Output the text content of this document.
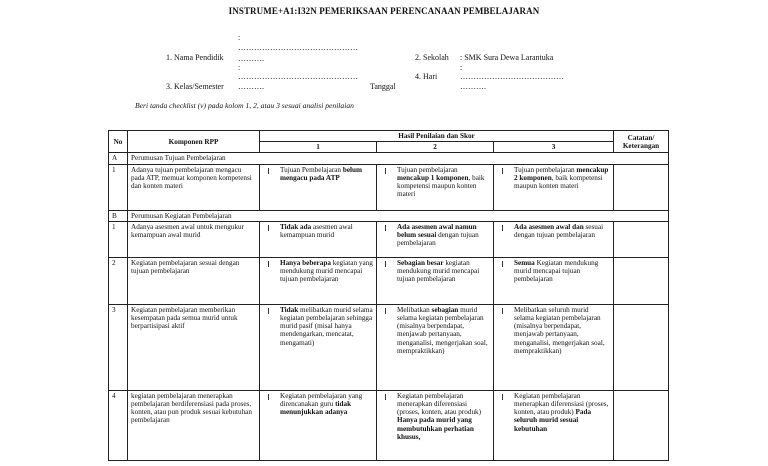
INSTRUME+A1:I32N PEMERIKSAAN PERENCANAAN PEMBELAJARAN
:
………………………………………
1. Nama Pendidik ……….
:
………………………………………
3. Kelas/Semester ……….	Tanggal
2. Sekolah : SMK Sura Dewa Larantuka
:
4. Hari	…………………………………
……….
Beri tanda checklist (v) pada kolom 1, 2, atau 3 sesuai analisi penilaian
No	Komponen RPP	Hasil Penilaian dan Skor			Catatan/ Keterangan
		1	2	3	
A	Perumusan Tujuan Pembelajaran				
1	Adanya tujuan pembelajaran mengacu pada ATP, memuat komponen kompetensi dan konten materi	Tujuan Pembelajaran belum mengacu pada ATP	Tujuan pembelajaran mencakup 1 komponen, baik kompetensi maupun konten materi	Tujuan pembelajaran mencakup 2 komponen, baik kompetensi maupun konten materi	
B	Perumusan Kegiatan Pembelajaran				
1	Adanya asesmen awal untuk mengukur kemampuan awal murid	Tidak ada asesmen awal kemampuan murid	Ada asesmen awal namun belum sesuai dengan tujuan pembelajaran	Ada asesmen awal dan sesuai dengan tujuan pembelajaran	
2	Kegiatan pembelajaran sesuai dengan tujuan pembelajaran	Hanya beberapa kegiatan yang mendukung murid mencapai tujuan pembelajaran	Sebagian besar kegiatan mendukung murid mencapai tujuan pembelajaran	Semua Kegiatan mendukung murid mencapai tujuan pembelajaran	
3	Kegiatan pembelajaran memberikan kesempatan pada semua murid untuk berpartisipasi aktif	Tidak melibatkan murid selama kegiatan pembelajaran sehingga murid pasif (misal hanya mendengarkan, mencatat, mengamati)	Melibatkan sebagian murid selama kegiatan pembelajaran (misalnya berpendapat, menjawab pertanyaan, menganalisi, mengerjakan soal, mempraktikkan)	Melibatkan seluruh murid selama kegiatan pembelajaran (misalnya berpendapat, menjawab pertanyaan, menganalisi, mengerjakan soal, mempraktikkan)	
4	kegiatan pembelajaran menerapkan pembelajaran berdiferensiasi pada proses, konten, atau pun produk sesuai kebutuhan pembelajaran	Kegiatan pembelajaran yang direncanakan guru tidak menunjukkan adanya	Kegiatan pembelajaran menerapkan diferensiasi (proses, konten, atau produk) Hanya pada murid yang membutuhkan perhatian khusus,	Kegiatan pembelajaran menerapkan diferensiasi (proses, konten, atau produk) Pada seluruh murid sesuai kebutuhan	
